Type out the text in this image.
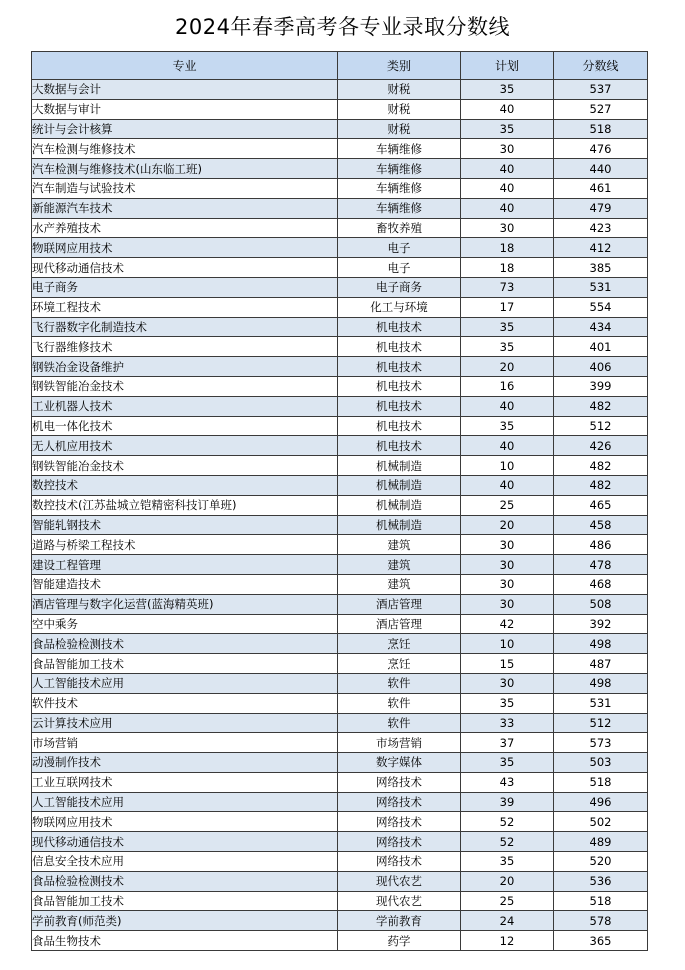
2024年春季高考各专业录取分数线
专业	类别	计划	分数线
大数据与会计	财税	35	537
大数据与审计	财税	40	527
统计与会计核算	财税	35	518
汽车检测与维修技术	车辆维修	30	476
汽车检测与维修技术(山东临工班)	车辆维修	40	440
汽车制造与试验技术	车辆维修	40	461
新能源汽车技术	车辆维修	40	479
水产养殖技术	畜牧养殖	30	423
物联网应用技术	电子	18	412
现代移动通信技术	电子	18	385
电子商务	电子商务	73	531
环境工程技术	化工与环境	17	554
飞行器数字化制造技术	机电技术	35	434
飞行器维修技术	机电技术	35	401
钢铁冶金设备维护	机电技术	20	406
钢铁智能冶金技术	机电技术	16	399
工业机器人技术	机电技术	40	482
机电一体化技术	机电技术	35	512
无人机应用技术	机电技术	40	426
钢铁智能冶金技术	机械制造	10	482
数控技术	机械制造	40	482
数控技术(江苏盐城立铠精密科技订单班)	机械制造	25	465
智能轧钢技术	机械制造	20	458
道路与桥梁工程技术	建筑	30	486
建设工程管理	建筑	30	478
智能建造技术	建筑	30	468
酒店管理与数字化运营(蓝海精英班)	酒店管理	30	508
空中乘务	酒店管理	42	392
食品检验检测技术	烹饪	10	498
食品智能加工技术	烹饪	15	487
人工智能技术应用	软件	30	498
软件技术	软件	35	531
云计算技术应用	软件	33	512
市场营销	市场营销	37	573
动漫制作技术	数字媒体	35	503
工业互联网技术	网络技术	43	518
人工智能技术应用	网络技术	39	496
物联网应用技术	网络技术	52	502
现代移动通信技术	网络技术	52	489
信息安全技术应用	网络技术	35	520
食品检验检测技术	现代农艺	20	536
食品智能加工技术	现代农艺	25	518
学前教育(师范类)	学前教育	24	578
食品生物技术	药学	12	365
